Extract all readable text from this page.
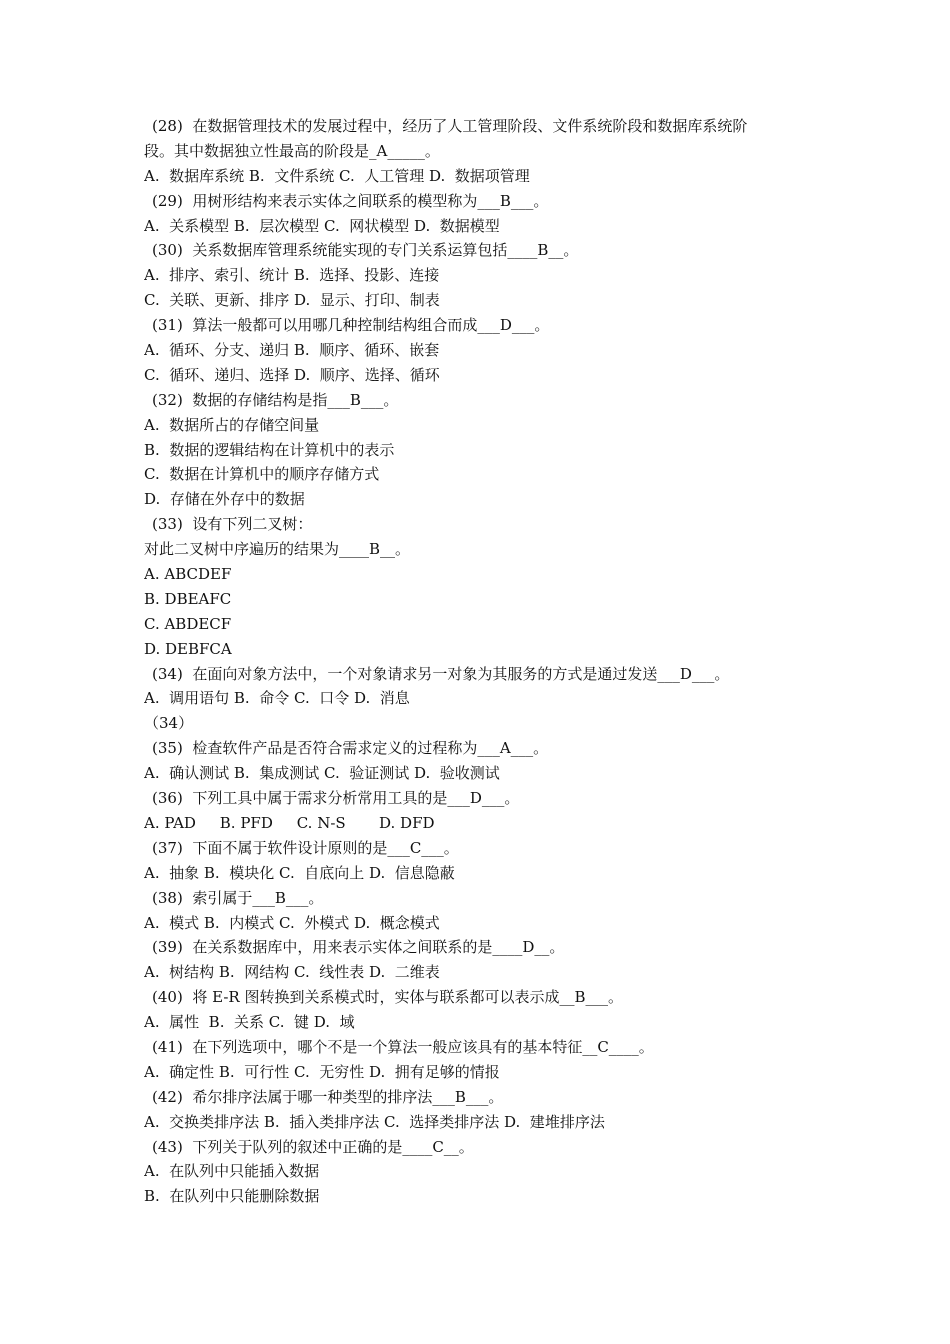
(28)  在数据管理技术的发展过程中，经历了人工管理阶段、文件系统阶段和数据库系统阶
段。其中数据独立性最高的阶段是_A_____。
A.  数据库系统 B.  文件系统 C.  人工管理 D.  数据项管理
(29)  用树形结构来表示实体之间联系的模型称为___B___。
A.  关系模型 B.  层次模型 C.  网状模型 D.  数据模型
(30)  关系数据库管理系统能实现的专门关系运算包括____B__。
A.  排序、索引、统计 B.  选择、投影、连接
C.  关联、更新、排序 D.  显示、打印、制表
(31)  算法一般都可以用哪几种控制结构组合而成___D___。
A.  循环、分支、递归 B.  顺序、循环、嵌套
C.  循环、递归、选择 D.  顺序、选择、循环
(32)  数据的存储结构是指___B___。
A.  数据所占的存储空间量
B.  数据的逻辑结构在计算机中的表示
C.  数据在计算机中的顺序存储方式
D.  存储在外存中的数据
(33)  设有下列二叉树：
对此二叉树中序遍历的结果为____B__。
A. ABCDEF
B. DBEAFC
C. ABDECF
D. DEBFCA
(34)  在面向对象方法中，一个对象请求另一对象为其服务的方式是通过发送___D___。
A.  调用语句 B.  命令 C.  口令 D.  消息
（34）
(35)  检查软件产品是否符合需求定义的过程称为___A___。
A.  确认测试 B.  集成测试 C.  验证测试 D.  验收测试
(36)  下列工具中属于需求分析常用工具的是___D___。
A. PAD     B. PFD     C. N-S       D. DFD
(37)  下面不属于软件设计原则的是___C___。
A.  抽象 B.  模块化 C.  自底向上 D.  信息隐蔽
(38)  索引属于___B___。
A.  模式 B.  内模式 C.  外模式 D.  概念模式
(39)  在关系数据库中，用来表示实体之间联系的是____D__。
A.  树结构 B.  网结构 C.  线性表 D.  二维表
(40)  将 E-R 图转换到关系模式时，实体与联系都可以表示成__B___。
A.  属性  B.  关系 C.  键 D.  域
(41)  在下列选项中，哪个不是一个算法一般应该具有的基本特征__C____。
A.  确定性 B.  可行性 C.  无穷性 D.  拥有足够的情报
(42)  希尔排序法属于哪一种类型的排序法___B___。
A.  交换类排序法 B.  插入类排序法 C.  选择类排序法 D.  建堆排序法
(43)  下列关于队列的叙述中正确的是____C__。
A.  在队列中只能插入数据
B.  在队列中只能删除数据
